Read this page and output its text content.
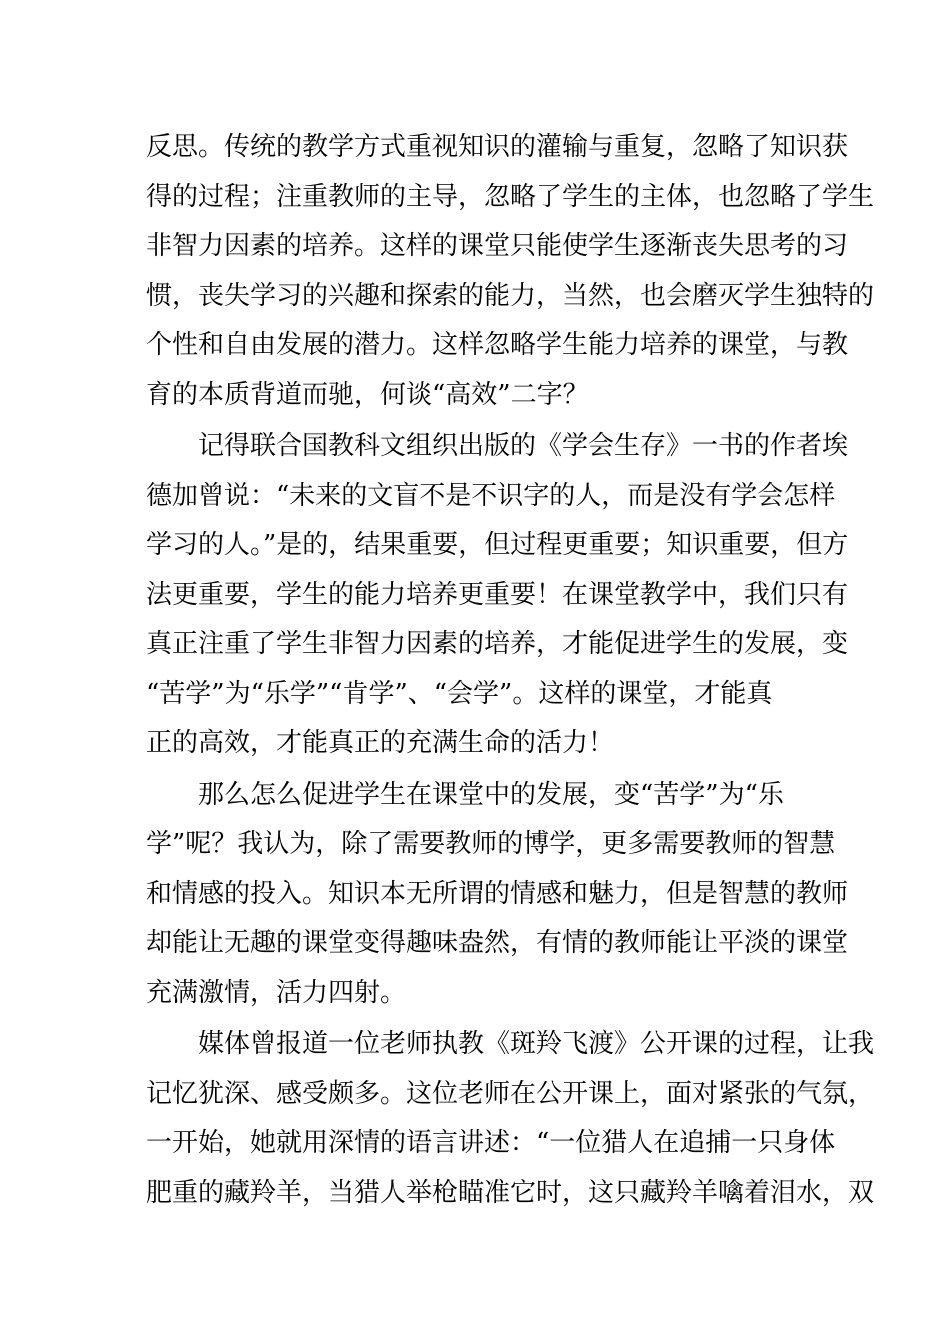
反思。传统的教学方式重视知识的灌输与重复，忽略了知识获
得的过程；注重教师的主导，忽略了学生的主体，也忽略了学生
非智力因素的培养。这样的课堂只能使学生逐渐丧失思考的习
惯，丧失学习的兴趣和探索的能力，当然，也会磨灭学生独特的
个性和自由发展的潜力。这样忽略学生能力培养的课堂，与教
育的本质背道而驰，何谈“高效”二字？

记得联合国教科文组织出版的《学会生存》一书的作者埃
德加曾说：“未来的文盲不是不识字的人，而是没有学会怎样
学习的人。”是的，结果重要，但过程更重要；知识重要，但方
法更重要，学生的能力培养更重要！在课堂教学中，我们只有
真正注重了学生非智力因素的培养，才能促进学生的发展，变
“苦学”为“乐学”“肯学”、“会学”。这样的课堂，才能真
正的高效，才能真正的充满生命的活力！

那么怎么促进学生在课堂中的发展，变“苦学”为“乐
学”呢？我认为，除了需要教师的博学，更多需要教师的智慧
和情感的投入。知识本无所谓的情感和魅力，但是智慧的教师
却能让无趣的课堂变得趣味盎然，有情的教师能让平淡的课堂
充满激情，活力四射。

媒体曾报道一位老师执教《斑羚飞渡》公开课的过程，让我
记忆犹深、感受颇多。这位老师在公开课上，面对紧张的气氛，
一开始，她就用深情的语言讲述：“一位猎人在追捕一只身体
肥重的藏羚羊，当猎人举枪瞄准它时，这只藏羚羊噙着泪水，双
